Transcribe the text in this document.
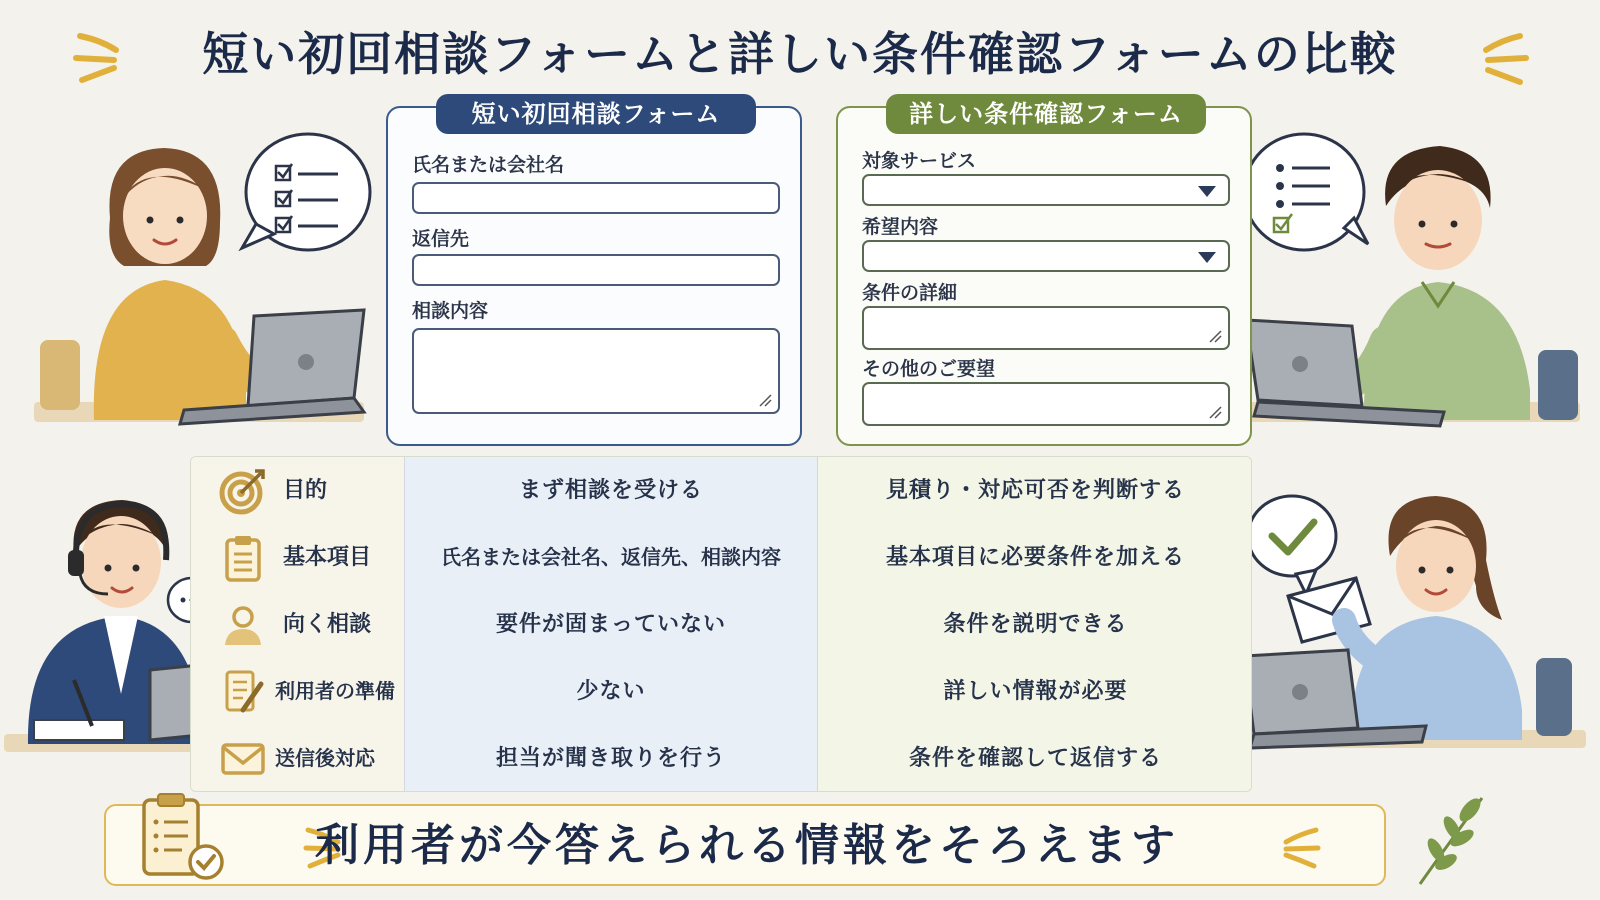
短い初回相談フォームと詳しい条件確認フォームの比較
短い初回相談フォーム
氏名または会社名
返信先
相談内容
詳しい条件確認フォーム
対象サービス
希望内容
条件の詳細
その他のご要望
目的	まず相談を受ける	見積り・対応可否を判断する
基本項目	氏名または会社名、返信先、相談内容	基本項目に必要条件を加える
向く相談	要件が固まっていない	条件を説明できる
利用者の準備	少ない	詳しい情報が必要
送信後対応	担当が聞き取りを行う	条件を確認して返信する
利用者が今答えられる情報をそろえます
